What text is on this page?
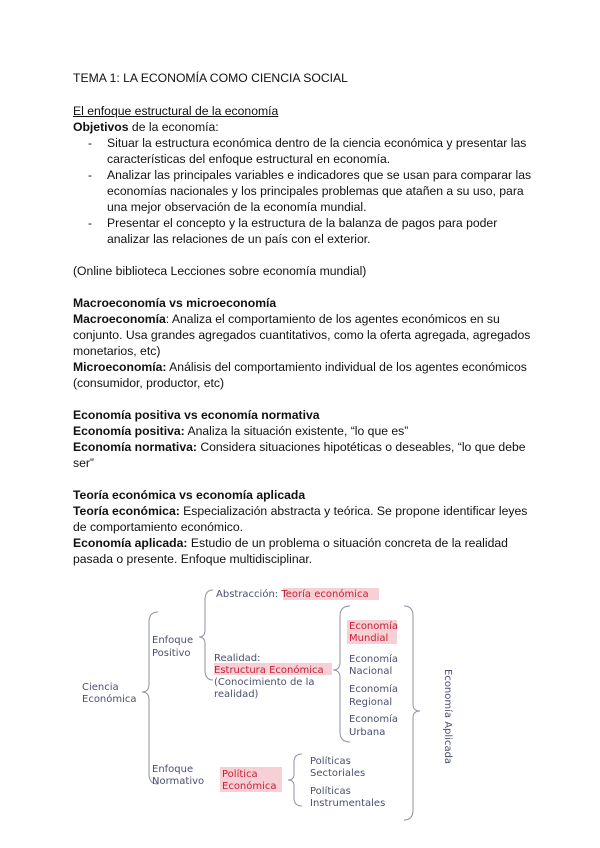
TEMA 1: LA ECONOMÍA COMO CIENCIA SOCIAL
El enfoque estructural de la economía
Objetivos de la economía:
- Situar la estructura económica dentro de la ciencia económica y presentar las características del enfoque estructural en economía.
- Analizar las principales variables e indicadores que se usan para comparar las economías nacionales y los principales problemas que atañen a su uso, para una mejor observación de la economía mundial.
- Presentar el concepto y la estructura de la balanza de pagos para poder analizar las relaciones de un país con el exterior.
(Online biblioteca Lecciones sobre economía mundial)
Macroeconomía vs microeconomía
Macroeconomía: Analiza el comportamiento de los agentes económicos en su conjunto. Usa grandes agregados cuantitativos, como la oferta agregada, agregados monetarios, etc)
Microeconomía: Análisis del comportamiento individual de los agentes económicos (consumidor, productor, etc)
Economía positiva vs economía normativa
Economía positiva: Analiza la situación existente, “lo que es”
Economía normativa: Considera situaciones hipotéticas o deseables, “lo que debe ser”
Teoría económica vs economía aplicada
Teoría económica: Especialización abstracta y teórica. Se propone identificar leyes de comportamiento económico.
Economía aplicada: Estudio de un problema o situación concreta de la realidad pasada o presente. Enfoque multidisciplinar.
Ciencia
Económica
Enfoque
Positivo
Enfoque
Normativo
Abstracción: Teoría económica
Realidad:
Estructura Económica
(Conocimiento de la
realidad)
Economía
Mundial
Economía
Nacional
Economía
Regional
Economía
Urbana	Economía Aplicada
Política
Económica
Políticas
Sectoriales
Políticas
Instrumentales
